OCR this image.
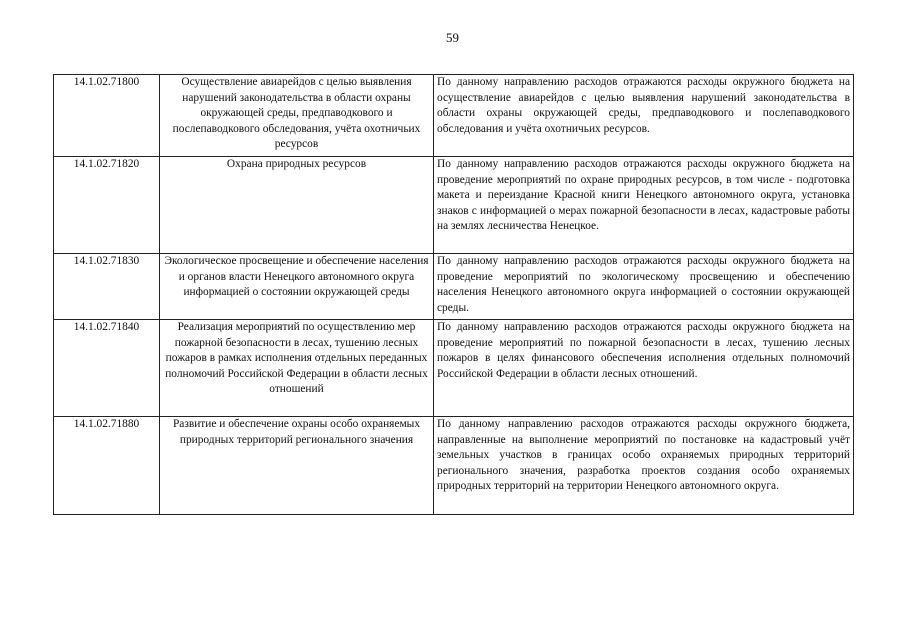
59
14.1.02.71800	Осуществление авиарейдов с целью выявления нарушений законодательства в области охраны окружающей среды, предпаводкового и послепаводкового обследования, учёта охотничьих ресурсов	По данному направлению расходов отражаются расходы окружного бюджета на осуществление авиарейдов с целью выявления нарушений законодательства в области охраны окружающей среды, предпаводкового и послепаводкового обследования и учёта охотничьих ресурсов.
14.1.02.71820	Охрана природных ресурсов	По данному направлению расходов отражаются расходы окружного бюджета на проведение мероприятий по охране природных ресурсов, в том числе - подготовка макета и переиздание Красной книги Ненецкого автономного округа, установка знаков с информацией о мерах пожарной безопасности в лесах, кадастровые работы на землях лесничества Ненецкое.
14.1.02.71830	Экологическое просвещение и обеспечение населения и органов власти Ненецкого автономного округа информацией о состоянии окружающей среды	По данному направлению расходов отражаются расходы окружного бюджета на проведение мероприятий по экологическому просвещению и обеспечению населения Ненецкого автономного округа информацией о состоянии окружающей среды.
14.1.02.71840	Реализация мероприятий по осуществлению мер пожарной безопасности в лесах, тушению лесных пожаров в рамках исполнения отдельных переданных полномочий Российской Федерации в области лесных отношений	По данному направлению расходов отражаются расходы окружного бюджета на проведение мероприятий по пожарной безопасности в лесах, тушению лесных пожаров в целях финансового обеспечения исполнения отдельных полномочий Российской Федерации в области лесных отношений.
14.1.02.71880	Развитие и обеспечение охраны особо охраняемых природных территорий регионального значения	По данному направлению расходов отражаются расходы окружного бюджета, направленные на выполнение мероприятий по постановке на кадастровый учёт земельных участков в границах особо охраняемых природных территорий регионального значения, разработка проектов создания особо охраняемых природных территорий на территории Ненецкого автономного округа.
